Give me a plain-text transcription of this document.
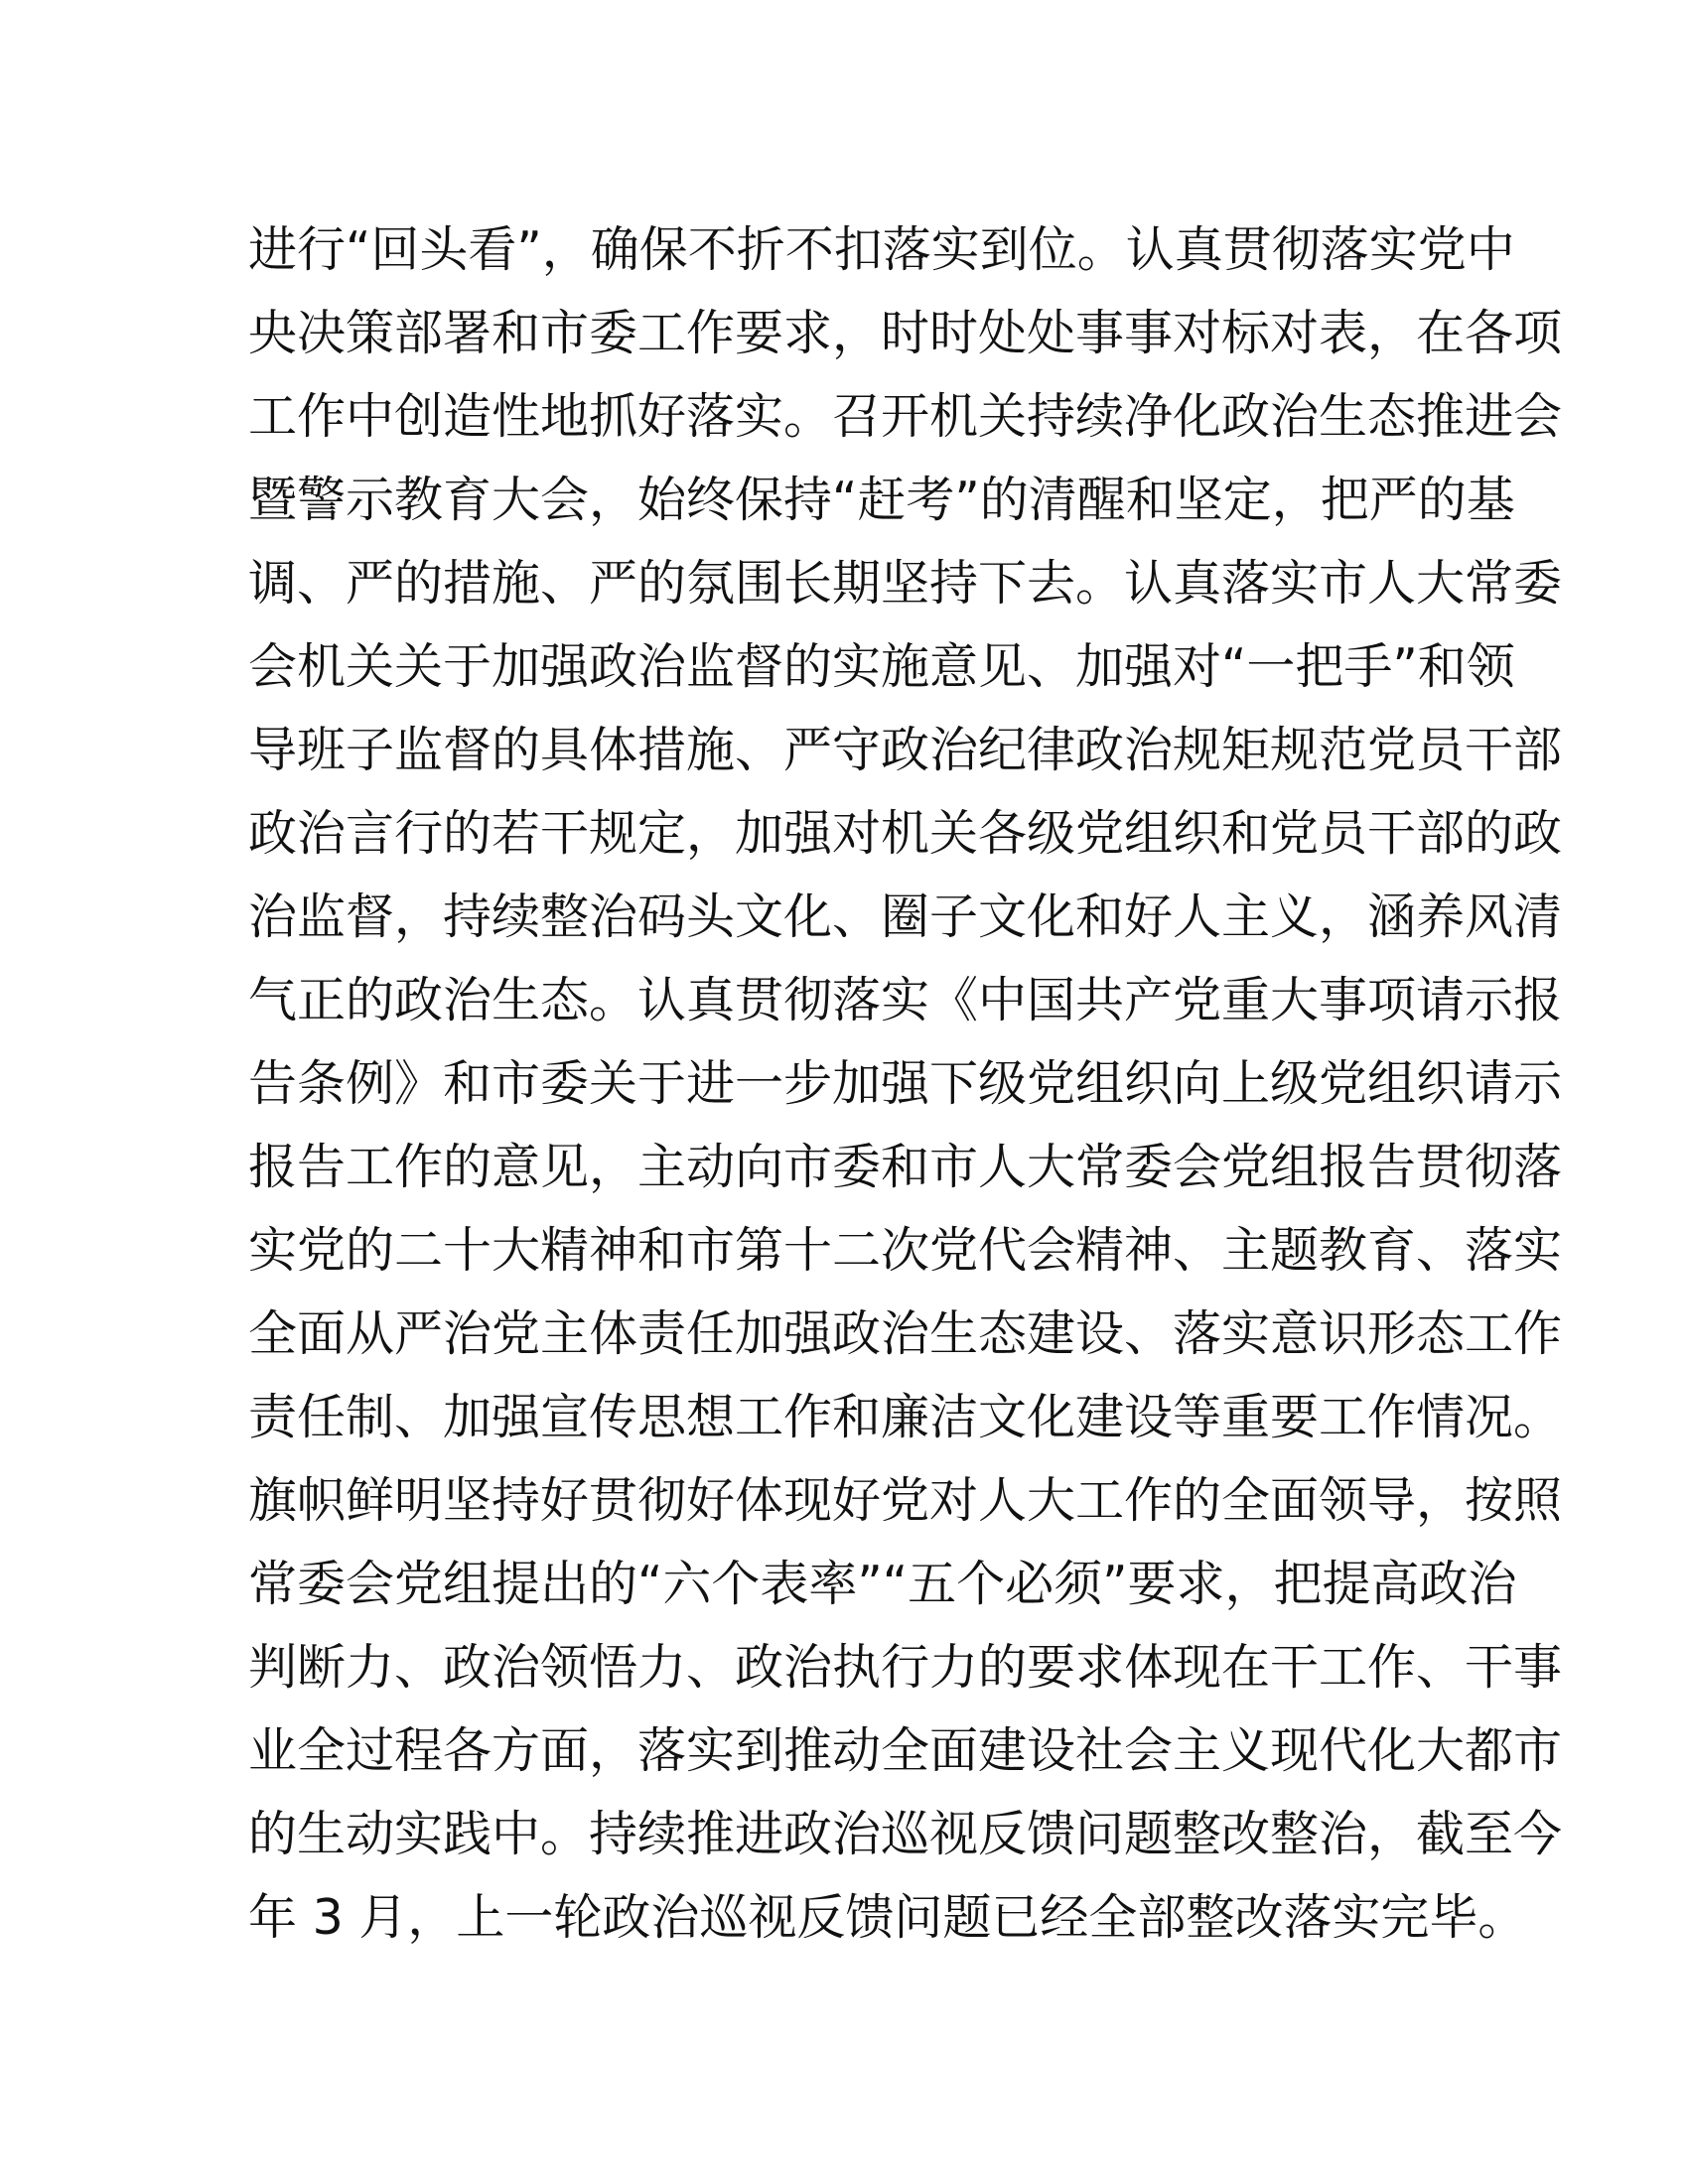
进行“回头看”，确保不折不扣落实到位。认真贯彻落实党中
央决策部署和市委工作要求，时时处处事事对标对表，在各项
工作中创造性地抓好落实。召开机关持续净化政治生态推进会
暨警示教育大会，始终保持“赶考”的清醒和坚定，把严的基
调、严的措施、严的氛围长期坚持下去。认真落实市人大常委
会机关关于加强政治监督的实施意见、加强对“一把手”和领
导班子监督的具体措施、严守政治纪律政治规矩规范党员干部
政治言行的若干规定，加强对机关各级党组织和党员干部的政
治监督，持续整治码头文化、圈子文化和好人主义，涵养风清
气正的政治生态。认真贯彻落实《中国共产党重大事项请示报
告条例》和市委关于进一步加强下级党组织向上级党组织请示
报告工作的意见，主动向市委和市人大常委会党组报告贯彻落
实党的二十大精神和市第十二次党代会精神、主题教育、落实
全面从严治党主体责任加强政治生态建设、落实意识形态工作
责任制、加强宣传思想工作和廉洁文化建设等重要工作情况。
旗帜鲜明坚持好贯彻好体现好党对人大工作的全面领导，按照
常委会党组提出的“六个表率”“五个必须”要求，把提高政治
判断力、政治领悟力、政治执行力的要求体现在干工作、干事
业全过程各方面，落实到推动全面建设社会主义现代化大都市
的生动实践中。持续推进政治巡视反馈问题整改整治，截至今
年 3 月，上一轮政治巡视反馈问题已经全部整改落实完毕。
